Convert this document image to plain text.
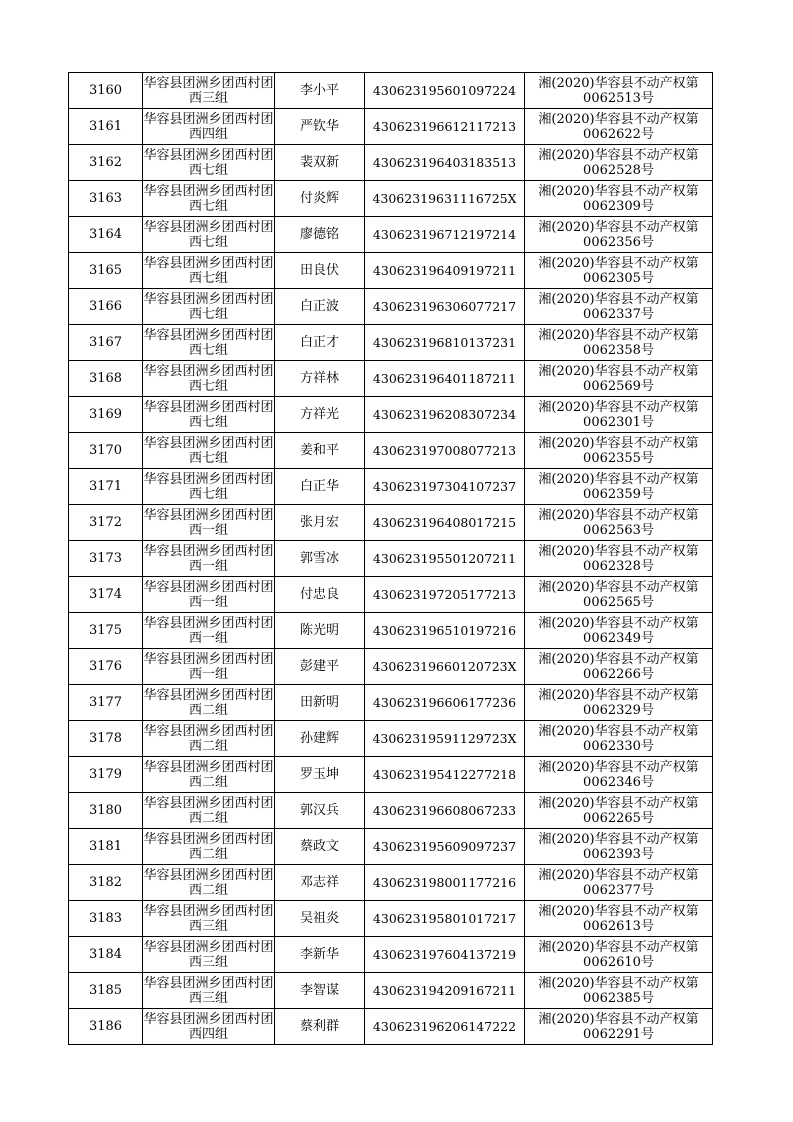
3160	华容县团洲乡团西村团西三组	李小平	430623195601097224	湘(2020)华容县不动产权第
0062513号

3161	华容县团洲乡团西村团西四组	严钦华	430623196612117213	湘(2020)华容县不动产权第
0062622号

3162	华容县团洲乡团西村团西七组	裴双新	430623196403183513	湘(2020)华容县不动产权第
0062528号

3163	华容县团洲乡团西村团西七组	付炎辉	43062319631116725X	湘(2020)华容县不动产权第
0062309号

3164	华容县团洲乡团西村团西七组	廖德铭	430623196712197214	湘(2020)华容县不动产权第
0062356号

3165	华容县团洲乡团西村团西七组	田良伏	430623196409197211	湘(2020)华容县不动产权第
0062305号

3166	华容县团洲乡团西村团西七组	白正波	430623196306077217	湘(2020)华容县不动产权第
0062337号

3167	华容县团洲乡团西村团西七组	白正才	430623196810137231	湘(2020)华容县不动产权第
0062358号

3168	华容县团洲乡团西村团西七组	方祥林	430623196401187211	湘(2020)华容县不动产权第
0062569号

3169	华容县团洲乡团西村团西七组	方祥光	430623196208307234	湘(2020)华容县不动产权第
0062301号

3170	华容县团洲乡团西村团西七组	姜和平	430623197008077213	湘(2020)华容县不动产权第
0062355号

3171	华容县团洲乡团西村团西七组	白正华	430623197304107237	湘(2020)华容县不动产权第
0062359号

3172	华容县团洲乡团西村团西一组	张月宏	430623196408017215	湘(2020)华容县不动产权第
0062563号

3173	华容县团洲乡团西村团西一组	郭雪冰	430623195501207211	湘(2020)华容县不动产权第
0062328号

3174	华容县团洲乡团西村团西一组	付忠良	430623197205177213	湘(2020)华容县不动产权第
0062565号

3175	华容县团洲乡团西村团西一组	陈光明	430623196510197216	湘(2020)华容县不动产权第
0062349号

3176	华容县团洲乡团西村团西一组	彭建平	43062319660120723X	湘(2020)华容县不动产权第
0062266号

3177	华容县团洲乡团西村团西二组	田新明	430623196606177236	湘(2020)华容县不动产权第
0062329号

3178	华容县团洲乡团西村团西二组	孙建辉	43062319591129723X	湘(2020)华容县不动产权第
0062330号

3179	华容县团洲乡团西村团西二组	罗玉坤	430623195412277218	湘(2020)华容县不动产权第
0062346号

3180	华容县团洲乡团西村团西二组	郭汉兵	430623196608067233	湘(2020)华容县不动产权第
0062265号

3181	华容县团洲乡团西村团西二组	蔡政文	430623195609097237	湘(2020)华容县不动产权第
0062393号

3182	华容县团洲乡团西村团西二组	邓志祥	430623198001177216	湘(2020)华容县不动产权第
0062377号

3183	华容县团洲乡团西村团西三组	吴祖炎	430623195801017217	湘(2020)华容县不动产权第
0062613号

3184	华容县团洲乡团西村团西三组	李新华	430623197604137219	湘(2020)华容县不动产权第
0062610号

3185	华容县团洲乡团西村团西三组	李智谋	430623194209167211	湘(2020)华容县不动产权第
0062385号

3186	华容县团洲乡团西村团西四组	蔡利群	430623196206147222	湘(2020)华容县不动产权第
0062291号
